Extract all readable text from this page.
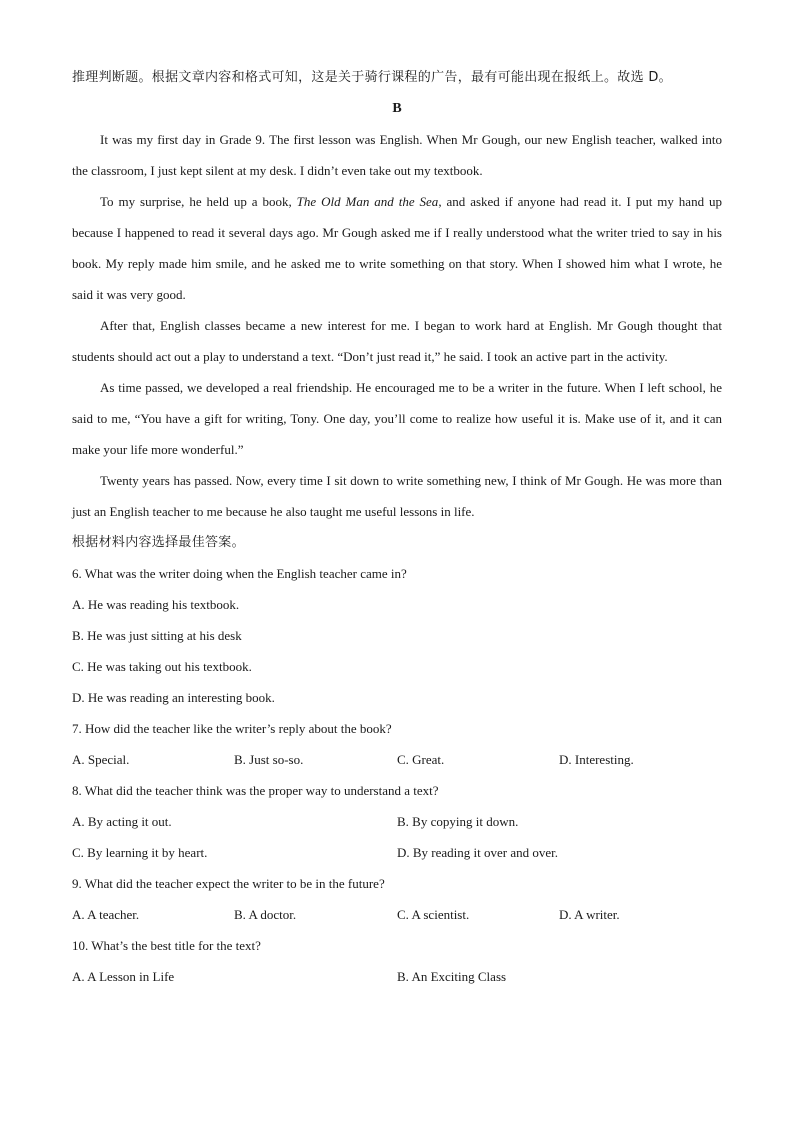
推理判断题。根据文章内容和格式可知，这是关于骑行课程的广告，最有可能出现在报纸上。故选 D。
B

It was my first day in Grade 9. The first lesson was English. When Mr Gough, our new English teacher, walked into the classroom, I just kept silent at my desk. I didn’t even take out my textbook.

To my surprise, he held up a book, The Old Man and the Sea, and asked if anyone had read it. I put my hand up because I happened to read it several days ago. Mr Gough asked me if I really understood what the writer tried to say in his book. My reply made him smile, and he asked me to write something on that story. When I showed him what I wrote, he said it was very good.

After that, English classes became a new interest for me. I began to work hard at English. Mr Gough thought that students should act out a play to understand a text. “Don’t just read it,” he said. I took an active part in the activity.

As time passed, we developed a real friendship. He encouraged me to be a writer in the future. When I left school, he said to me, “You have a gift for writing, Tony. One day, you’ll come to realize how useful it is. Make use of it, and it can make your life more wonderful.”

Twenty years has passed. Now, every time I sit down to write something new, I think of Mr Gough. He was more than just an English teacher to me because he also taught me useful lessons in life.

根据材料内容选择最佳答案。
6. What was the writer doing when the English teacher came in?
A. He was reading his textbook.
B. He was just sitting at his desk
C. He was taking out his textbook.
D. He was reading an interesting book.
7. How did the teacher like the writer’s reply about the book?
A. Special.	B. Just so-so.	C. Great.	D. Interesting.
8. What did the teacher think was the proper way to understand a text?
A. By acting it out.	B. By copying it down.
C. By learning it by heart.	D. By reading it over and over.
9. What did the teacher expect the writer to be in the future?
A. A teacher.	B. A doctor.	C. A scientist.	D. A writer.
10. What’s the best title for the text?
A. A Lesson in Life	B. An Exciting Class
